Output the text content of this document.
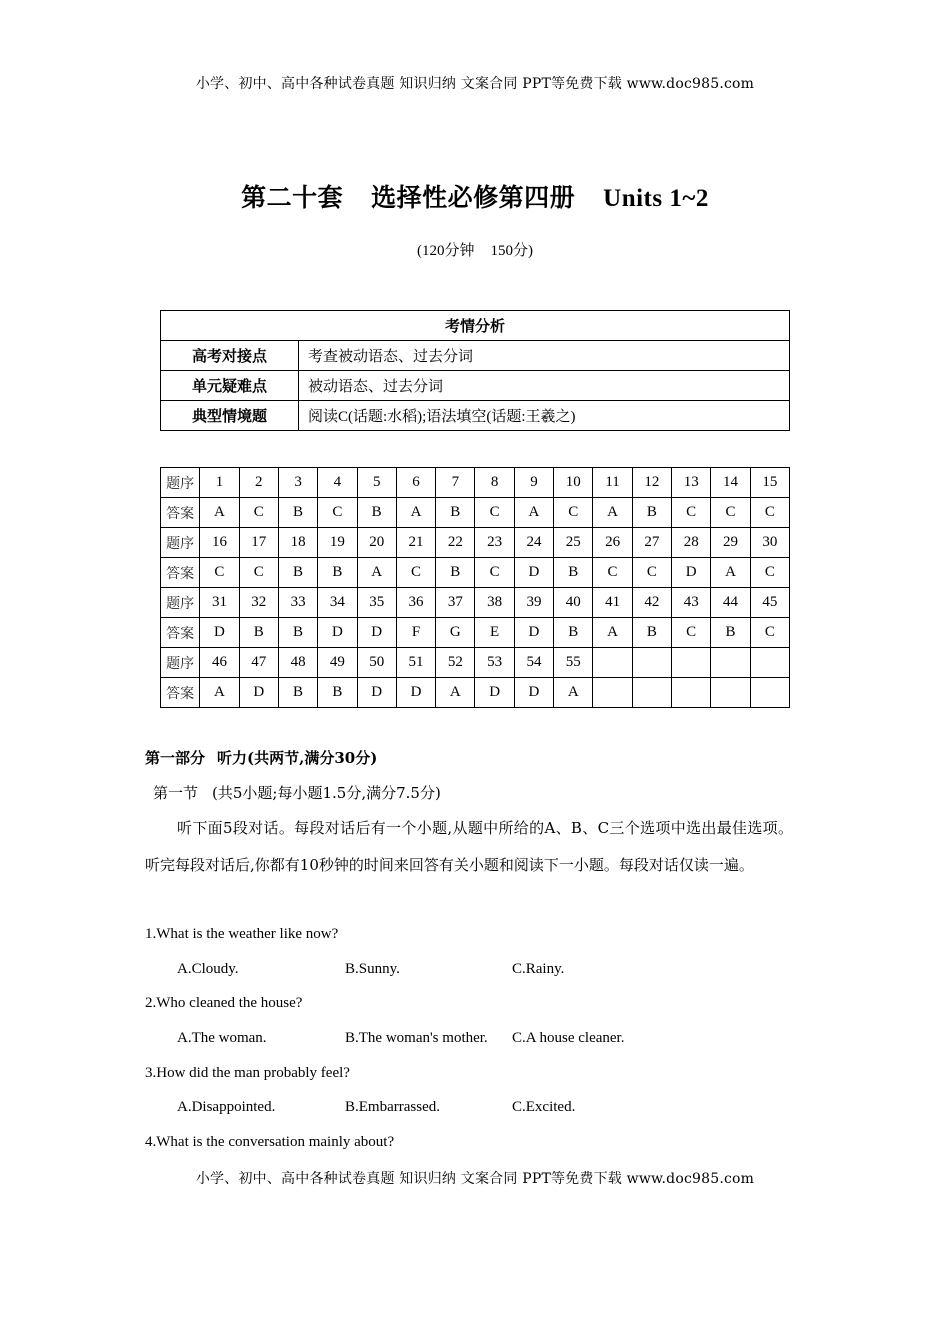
小学、初中、高中各种试卷真题 知识归纳 文案合同 PPT等免费下载 www.doc985.com
第二十套 选择性必修第四册 Units 1~2
(120分钟 150分)
考情分析	
高考对接点	考查被动语态、过去分词
单元疑难点	被动语态、过去分词
典型情境题	阅读C(话题:水稻);语法填空(话题:王羲之)
题序	1	2	3	4	5	6	7	8	9	10	11	12	13	14	15
答案	A	C	B	C	B	A	B	C	A	C	A	B	C	C	C
题序	16	17	18	19	20	21	22	23	24	25	26	27	28	29	30
答案	C	C	B	B	A	C	B	C	D	B	C	C	D	A	C
题序	31	32	33	34	35	36	37	38	39	40	41	42	43	44	45
答案	D	B	B	D	D	F	G	E	D	B	A	B	C	B	C
题序	46	47	48	49	50	51	52	53	54	55					
答案	A	D	B	B	D	D	A	D	D	A					
第一部分 听力(共两节,满分30分)
第一节 (共5小题;每小题1.5分,满分7.5分)
听下面5段对话。每段对话后有一个小题,从题中所给的A、B、C三个选项中选出最佳选项。听完每段对话后,你都有10秒钟的时间来回答有关小题和阅读下一小题。每段对话仅读一遍。
1.What is the weather like now?
A.Cloudy.	B.Sunny.	C.Rainy.
2.Who cleaned the house?
A.The woman.	B.The woman's mother. C.A house cleaner.
3.How did the man probably feel?
A.Disappointed.	B.Embarrassed.	C.Excited.
4.What is the conversation mainly about?
小学、初中、高中各种试卷真题 知识归纳 文案合同 PPT等免费下载 www.doc985.com
